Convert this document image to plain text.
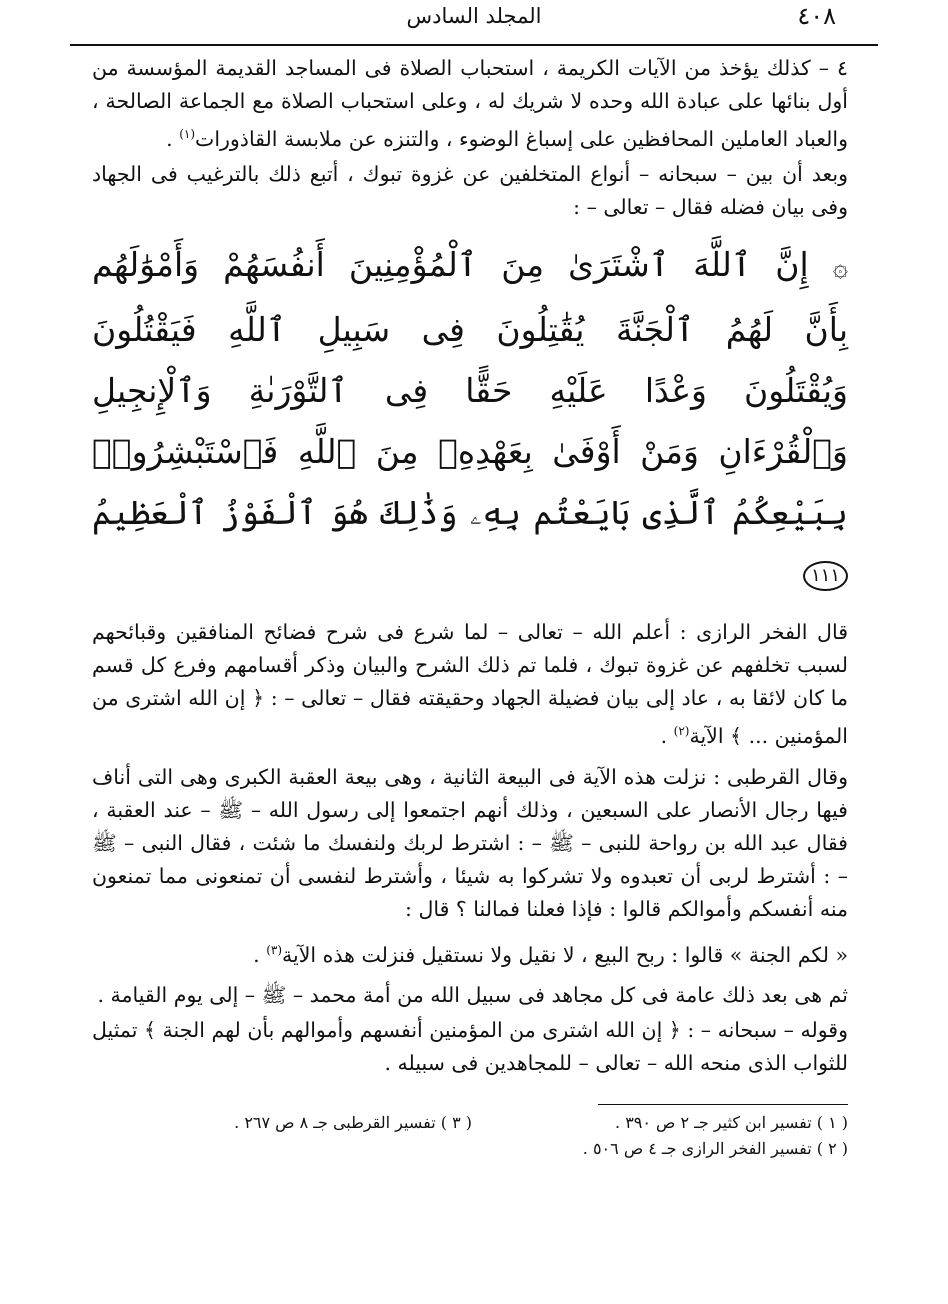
٤٠٨
المجلد السادس

٤ – كذلك يؤخذ من الآيات الكريمة ، استحباب الصلاة فى المساجد القديمة المؤسسة من أول بنائها على عبادة الله وحده لا شريك له ، وعلى استحباب الصلاة مع الجماعة الصالحة ، والعباد العاملين المحافظين على إسباغ الوضوء ، والتنزه عن ملابسة القاذورات$^{(١)}$ .

وبعد أن بين – سبحانه – أنواع المتخلفين عن غزوة تبوك ، أتبع ذلك بالترغيب فى الجهاد وفى بيان فضله فقال – تعالى – :

۞ إِنَّ ٱللَّهَ ٱشْتَرَىٰ مِنَ ٱلْمُؤْمِنِينَ أَنفُسَهُمْ وَأَمْوَٰلَهُم
بِأَنَّ لَهُمُ ٱلْجَنَّةَ يُقَٰتِلُونَ فِى سَبِيلِ ٱللَّهِ فَيَقْتُلُونَ
وَيُقْتَلُونَ وَعْدًا عَلَيْهِ حَقًّا فِى ٱلتَّوْرَىٰةِ وَٱلْإِنجِيلِ
وَٱلْقُرْءَانِ وَمَنْ أَوْفَىٰ بِعَهْدِهِۦ مِنَ ٱللَّهِ فَٱسْتَبْشِرُوا۟
بِبَيْعِكُمُ ٱلَّذِى بَايَعْتُم بِهِۦ وَذَٰلِكَ هُوَ ٱلْفَوْزُ ٱلْعَظِيمُ ١١١

قال الفخر الرازى : أعلم الله – تعالى – لما شرع فى شرح فضائح المنافقين وقبائحهم لسبب تخلفهم عن غزوة تبوك ، فلما تم ذلك الشرح والبيان وذكر أقسامهم وفرع كل قسم ما كان لائقا به ، عاد إلى بيان فضيلة الجهاد وحقيقته فقال – تعالى – : ﴿ إن الله اشترى من المؤمنين ... ﴾ الآية$^{(٢)}$ .

وقال القرطبى : نزلت هذه الآية فى البيعة الثانية ، وهى بيعة العقبة الكبرى وهى التى أناف فيها رجال الأنصار على السبعين ، وذلك أنهم اجتمعوا إلى رسول الله – ﷺ – عند العقبة ، فقال عبد الله بن رواحة للنبى – ﷺ – : اشترط لربك ولنفسك ما شئت ، فقال النبى – ﷺ – : أشترط لربى أن تعبدوه ولا تشركوا به شيئا ، وأشترط لنفسى أن تمنعونى مما تمنعون منه أنفسكم وأموالكم قالوا : فإذا فعلنا فمالنا ؟ قال :

« لكم الجنة » قالوا : ربح البيع ، لا نقيل ولا نستقيل فنزلت هذه الآية$^{(٣)}$ .

ثم هى بعد ذلك عامة فى كل مجاهد فى سبيل الله من أمة محمد – ﷺ – إلى يوم القيامة .

وقوله – سبحانه – : ﴿ إن الله اشترى من المؤمنين أنفسهم وأموالهم بأن لهم الجنة ﴾ تمثيل للثواب الذى منحه الله – تعالى – للمجاهدين فى سبيله .

( ١ ) تفسير ابن كثير جـ ٢ ص ٣٩٠ .
( ٢ ) تفسير الفخر الرازى جـ ٤ ص ٥٠٦ .
( ٣ ) تفسير القرطبى جـ ٨ ص ٢٦٧ .
